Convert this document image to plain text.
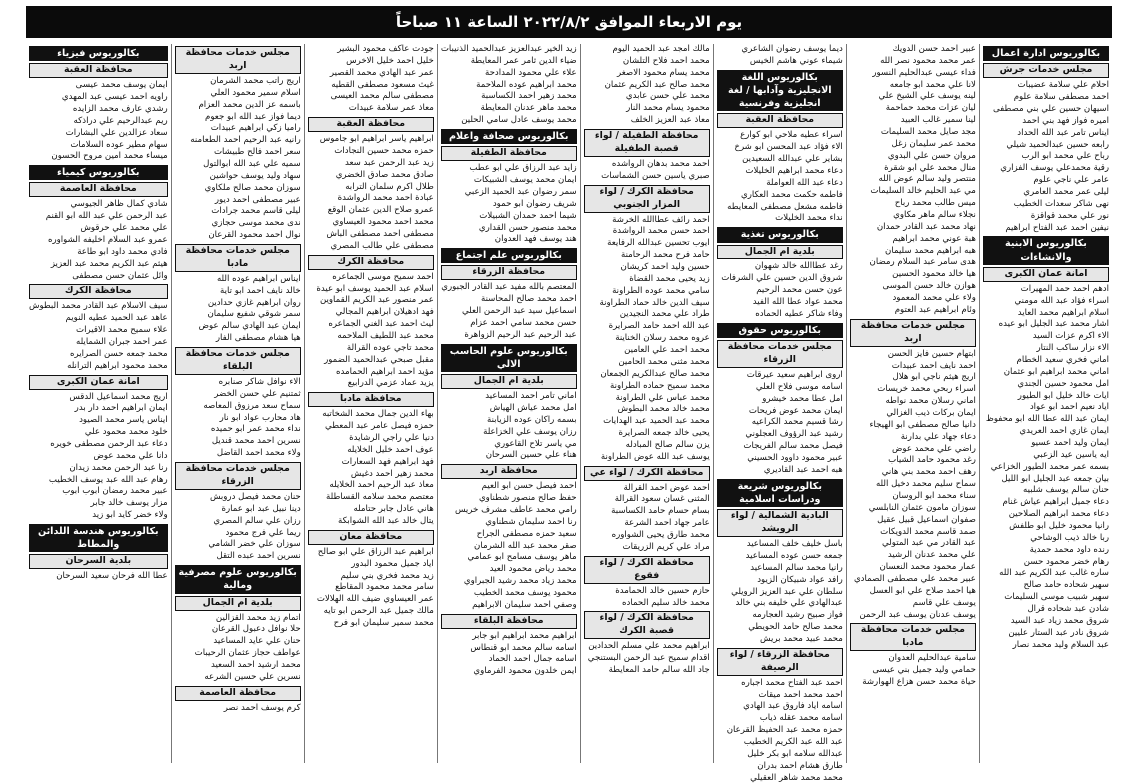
يوم الاربعاء الموافق ٢٠٢٢/٨/٢ الساعة ١١ صباحاً
بكالوريوس ادارة اعمال
مجلس خدمات جرش
احلام علي سلامة عضيبات
احمد مصطفى سلامة علوم
اسيهان حسين علي بني مصطفى
اميره فواز فهد بني احمد
ايناس تامر عبد الله الحداد
رابعه حسين عبدالحميد شيلي
رباح علي محمد ابو الرب
رقية محمدعلي يوسف الفزاري
عامر علي ناجي علوم
ليلى عمر محمد العامري
نهى شاكر سعدات الخطيب
نور علي محمد قواقزة
نيفين احمد عبد الفتاح ابراهيم
بكالوريوس الابنية والانشاءات
امانة عمان الكبرى
ادهم احمد حمد المهيرات
اسراء فؤاد عبد الله مومني
اسلام ابراهيم محمد العايد
اشار محمد عبد الجليل ابو عيده
الاء اكرم عزات السيد
الاء نزار ساكب النتار
اماني فخري سعيد الخطام
اماني محمد ابراهيم ابو عثمان
امل محمود حسين الجندي
ايات خالد خليل ابو الطيور
اياد نعيم احمد ابو عواد
ايمان عبد الله عطا الله ابو محفوظ
ايمان غازي احمد العريدي
ايمان وليد احمد عسيو
ايه ياسين عيد الزعبي
بسمه عمر محمد الطيور الخزاعي
بيان جمعه عبد الجليل ابو الليل
حنان سالم يوسف شلبيه
دعاء جميل ابراهيم عياش غنام
دعاء محمد ابراهيم الصلاحين
رانيا محمود خليل ابو طلفش
ربا خالد ذيب الوشاحي
رنده داود محمد حمدية
رهام خضر محمود حسن
ساره غالب عبد الكريم عبد الله
سهير شحاده حامد صالح
سهير شبيب موسى السليمات
شادن عبد شحاده قرال
شروق محمد زياد عبد السيد
شروق نادر عبد الستار عليين
عبد السلام وليد محمد نصار
عبير احمد حسن الدويك
عمر محمد محمود نصر الله
فداء عيسى عبدالحليم النسور
لانا علي محمد ابو جامعه
لينه يوسف علي الشيخ علي
ليان عزات محمد حماحمة
لينا سمير غالب العبيد
مجد صايل محمد السليمات
محمد عمر سليمان زغل
مروان حسن علي البدوي
منال محمد علي ابو شقرة
منتصر وليد سالم عوض الله
مي عبد الحليم خالد السليمات
ميس طالب محمد رباح
نجلاء سالم ماهر مكاوي
نهاد محمد عبد القادر حمدان
هبة عوني محمد ابراهيم
هبه ابراهيم محمد سليمان
هدى سامر عبد السلام رمضان
هيا خالد محمود الحسين
هوازن خالد حسن الموسى
ولاء علي محمد المعمود
وئام ابراهيم عبد العتوم
مجلس خدمات محافظة اربد
ابتهام حسين فايز الحسن
احمد نايف احمد عبيدات
اريج هيثم ناجي ابو هلال
اسراء ربحي محمد خريسات
اماني رسلان محمد نواطه
ايمان بركات ذيب الغزالي
دانيا صالح مصطفى ابو الهيجاء
دعاء جهاد علي بدارنة
راضي علي محمد عوض
رغد محمود حامد الشياب
رهف احمد محمد بني هاني
سماح سليم محمد دخيل الله
سناء محمد ابو الروسان
سوزان مامون عثمان النابلسي
صفوان اسماعيل قبيل عقيل
صمد قاسم محمد الدويكات
عبد القادر مي عبد المتولي
علي محمد عدنان الرشيد
عمار محمود محمد النعسان
عبير محمد علي مصطفى الصمادي
هيا احمد صلاح علي ابو العسل
يوسف علي قاسم
يوسف عدنان يوسف عبد الرحمن
مجلس خدمات محافظة مادبا
سامية عبدالحليم العدوان
حمامي وليد جميل بني عيسى
حياة محمد حسن هزاع الهوارشة
ديما يوسف رضوان الشاعري
شيماء عوني هاشم الخيس
بكالوريوس اللغة الانجليزية وآدابها / لغة انجليزية وفرنسية
محافظة العقبة
اسراء عطيه ملاحي ابو كوارع
الاء فؤاد عبد المحسن ابو شرخ
بشاير علي عبدالله السعيدين
دعاء محمد ابراهيم الخليلات
دعاء عبد الله العواملة
فاطمه حكمت محمد العكاري
فاطمه مشعل مصطفى المعايطه
نداء محمد الخليلات
بكالوريوس تغذية
بلدية ام الجمال
رغد عطاالله خالد شهوان
شروق الدين حسين علي الشرفات
عون حسن محمد الرحيم
محمد عواد عطا الله الفيد
وفاء شاكر عطيه الحماده
بكالوريوس حقوق
مجلس خدمات محافظة الزرقاء
اروى ابراهيم سعيد عيرقات
اسامه موسى فلاح العلي
امل عطا محمد خيشرو
ايمان محمد عوض فريحات
رشا قسيم محمد الكراعيه
رشيد عبد الرؤوف العجلوني
فيصل محمد سالم الفريجات
عبير محمود داوود الحسيني
هبه احمد عبد القاديري
بكالوريوس شريعة ودراسات اسلامية
البادية الشمالية / لواء الرويشد
باسل خليف خلف المساعيد
جمعه حسن عوده المساعيد
رانيا محمد سالم المساعيد
رافد عواد شبيكان الزيود
سلطان علي عبد العزيز الرويلي
عبدالهادي علي خليفه بني خالد
فواز صبيح رشيد العجارمه
محمد صالح حامد الحويطي
محمد عبيد محمد بريش
محافظة الزرقاء / لواء الرصيفة
احمد عبد الفتاح محمد اجباره
احمد محمد احمد ميقات
اسامه اياد فاروق عبد الهادي
اسامه محمد عقله ذياب
حمزه محمد عبد الحفيظ القرعان
عبد الله عبد الكريم الخطيب
عبدالله سلامه ابو بكر خليل
طارق هشام احمد بدران
محمد محمد شاهر العقيلي
مالك امجد عبد الحميد اليوم
محمد احمد فلاح التلشان
محمد يسام محمود الاصغر
محمد صالح عبد الكريم عثمان
محمد علي حسن عابدي
محمود يسام محمد النار
معاذ عبد العزيز الخلف
محافظة الطفيلة / لواء قصبة الطفيلة
احمد محمد بدهان الرواشده
صبري ياسين حسن الشماسات
محافظة الكرك / لواء المزار الجنوبي
احمد رائف عطاالله الخرشة
احمد حسن محمد الرواشدة
ايوب تحسين عبدالله الرفايعة
حامد فرح محمد الرحامنة
حسين وليد احمد كريشان
زيد يحيى محمد القضاة
سامي محمد عوده الطراونة
سيف الدين خالد حماد الطراونة
طراد علي محمد النجيدين
عبد الله احمد حامد الصرايرة
عروه محمد رسلان الخناينة
محمد احمد علي العامين
محمد مثنى محمد الحامين
محمد صالح عبدالكريم الجمعان
محمد سميح حماده الطراونة
محمد عباس علي الطراونة
محمد خالد محمد البطوش
محمد عبد الحميد عبد الهدايات
يحيى خالد جمعه الصرايرة
يزن سالم صالح المبادله
يوسف عبد الله عوض الطراونة
محافظة الكرك / لواء عي
احمد عوض احمد القرالة
المثنى غسان سعود القرالة
بسام حسام حامد الكساسبة
عامر جهاد احمد الشرعة
محمد طارق يحيى الشواوره
مراد علي كريم الزريقات
محافظة الكرك / لواء فقوع
حازم حسين خالد الحمامدة
محمد خالد سليم الحماده
محافظة الكرك / لواء قصبة الكرك
ابراهيم محمد علي مسلم الحدادين
اقدام سميح عبد الرحمن البستنجي
جاد الله سالم حامد المعايطة
زيد الخير عبدالعزيز عبدالحميد الذنيبات
ضياء الدين ثامر عمر المعايطة
علاء علي محمود المدادحة
محمد ابراهيم عوده الملاحمة
محمد زهير احمد الكساسبة
محمد ماهر عدنان المعايطة
محمد يوسف عادل سامي الحلين
بكالوريوس صحافة واعلام
محافظة الطفيلة
زايد عبد الرزاق علي ابو عطب
ايمان محمد يوسف الشبيكات
سمر رضوان عبد الحميد الزعبي
شريف رضوان ابو حمود
شيما احمد حمدان الشبيلات
محمد منصور حسن القداري
هند يوسف فهد العدوان
بكالوريوس علم اجتماع
محافظة الزرقاء
المعتصم بالله مفيد عبد القادر الجبوري
احمد محمد صالح المحاسنة
اسماعيل سيد عبد الرحمن العلي
حسن محمد سامي احمد عزام
عبد الرحيم عبد الرحيم الزواهرة
بكالوريوس علوم الحاسب الالي
بلدية ام الجمال
اماني تامر احمد المساعيد
امل محمد عياش الهياش
بسمه راكان عوده الزيابنة
رزان يوسف علي الخزاعلة
مي ياسر تلاح القاعوري
هناء علي حسين السرحان
محافظة اربد
احمد فيصل حسن ابو العيم
حفظ صالح منصور شطناوي
رامي محمد عاطف مشرف خريس
رنا احمد سليمان شطناوي
سعيد حمزه مصطفى الجراح
صقر محمد عبد الله الشرمان
ماهر يوسف مسامح ابو عمامي
محمد رياض محمود العيد
محمد زياد محمد رشيد الجبراوي
محمود يوسف محمد الخطيب
وصفي احمد سليمان الابراهيم
محافظة البلقاء
ابراهيم محمد ابراهيم ابو جابر
اسامه سالم محمد ابو قنطاس
اسامه جمال احمد الحماد
ايمن خلدون محمود الفرماوي
جودت عاكف محمود البشير
خليل احمد خليل الاخرس
عمر عبد الهادي محمد القصير
غيث مسعود مصطفى القطيه
مصطفى سالم محمد العيسى
معاذ عمر سلامة عبيدات
محافظة العقبة
ابراهيم ياسر ابراهيم ابو جاموس
حمزه محمد حسين النجادات
زيد عبد الرحمن عبد سعد
صادق محمد صادق الخضري
طلال اكرم سلمان الترابه
عبادة احمد محمد الرواشدة
عمرو صلاح الدين عثمان الوقع
محمد احمد محمود العيساوي
مصطفى احمد مصطفى الباش
مصطفى علي طالب المصري
محافظة الكرك
احمد سميح موسى الجماعره
اسلام عبد الحميد يوسف ابو عيدة
عمر منصور عبد الكريم القماوين
فهد ادهيلان ابراهيم المجالي
ليث احمد عبد الغني الجماعره
محمد عبد اللطيف الملاحمه
محمد تاجي عوده القرالة
مقبل صبحي عبدالحميد الضمور
مؤيد احمد ابراهيم الحمامده
يزيد عماد عزمي الدرابيع
محافظة مادبا
بهاء الدين جمال محمد الشخاتبه
حمزه فيصل عامر عبد المعطي
دنيا علي راجي الرشايدة
عوف احمد خليل الخلايله
فهد ابراهيم فهد السعارات
محمد زهير احمد دغيش
معاذ عبد الرحيم احمد الخلايله
معتصم محمد سلامه القساطلة
هاني عادل جابر حتامله
يتال خالد عبد الله الشوابكة
محافظة معان
ابراهيم عبد الرزاق علي ابو صالح
اياد جميل محمود البدور
زيد محمد فخري بني سليم
سامر محمد محمود المقاطع
عمر العيساوي ضيف الله الهلالات
مالك جميل عبد الرحمن ابو تايه
محمد سمير سليمان ابو فرح
مجلس خدمات محافظة اربد
اريج راتب محمد الشرمان
اسلام سمير محمود العلي
باسمه عز الدين محمد العزام
ديما فواز عبد الله ابو جعوم
راميا زكي ابراهيم عبيدات
رانيه عبد الرحيم احمد الطعامنه
سعر احمد فالح طبيشات
سميه علي عبد الله ابوالتول
سهاد وليد يوسف حواشين
سوزان محمد صالح ملكاوي
عبير مصطفى احمد ديور
ليلى قاسم محمد جرادات
ندى محمد موسى حجازي
نوال احمد محمود القرعان
مجلس خدمات محافظة مادبا
ايناس ابراهيم عوده الله
خالد نايف احمد ابو تاية
روان ابراهيم غازي حدادين
سمر شوقي شفيع سليمان
ايمان عبد الهادي سالم عوض
هيا هشام مصطفى الفار
مجلس خدمات محافظة البلقاء
الاء نوافل شاكر صنابره
ثمتنيم علي حسن الخضر
سماح سعد مرزوق المعاصه
هاد محارب عواد ابو نار
نداء محمد عمر ابو حميده
نسرين احمد محمد قنديل
ولاء محمد احمد القاضل
مجلس خدمات محافظة الزرقاء
حنان محمد فيصل دروبش
دينا نبيل عبد ابو عمارة
رزان علي سالم المصري
ريما علي فرج محمود
سوزان علي خضر الشامي
نسرين احمد عبده التقل
بكالوريوس علوم مصرفية ومالية
بلدية ام الجمال
اتمام زيد محمد القزالين
حلا نوافل دعبول القرعان
حنان علي عايد المساعيد
عواطف حجاز عثمان الرحيبات
محمد ارشيد احمد السعيد
نسرين علي حسين الشرعه
محافظة العاصمة
كرم يوسف احمد نصر
بكالوريوس فيزياء
محافظة العقبة
ايمان يوسف محمد عيسى
راويه احمد عيسى عبد المهدي
رشدي عارف محمد الزايده
ريم عبدالرحيم علي دراذكه
سعاد عزالدين علي البشارات
سهام مطير عوده السلامات
ميساء محمد امين مروح الحسون
بكالوريوس كيمياء
محافظة العاصمة
شادي كمال ظاهر الجيوسي
عبد الرحمن علي عبد الله ابو القنم
علي محمد علي حرقوش
عمرو عبد السلام اخليفه الشواوره
فادي محمد داود ابو طاعة
هيثم عبد الكريم محمد عبد العزيز
وائل عثمان حسن مصطفى
محافظة الكرك
سيف الاسلام عبد القادر محمد البطوش
عاهد عبد الحميد عطيه النويم
علاء سميح محمد الاقيرات
عمر احمد جبران الشمايله
محمد جمعه حسن الصرايره
محمد محمود ابراهيم الترانله
امانة عمان الكبرى
اريج محمد اسماعيل الدقس
ايمان ابراهيم احمد دار بدر
ايناس ياسر محمد الصيود
خلود محمد محمود علي
دعاء عبد الرحمن مصطفى خويره
دانا علي محمد عوض
رنا عبد الرحمن محمد زيدان
رهام عبد الله عبد يوسف الخطيب
عبير محمد رمضان ابوب ابوب
مزار يوسف خالد جابر
ولاء خضر كايد ابو زيد
بكالوريوس هندسة اللدائن والمطاط
بلدية السرحان
عطا الله فرحان سعيد السرحان
